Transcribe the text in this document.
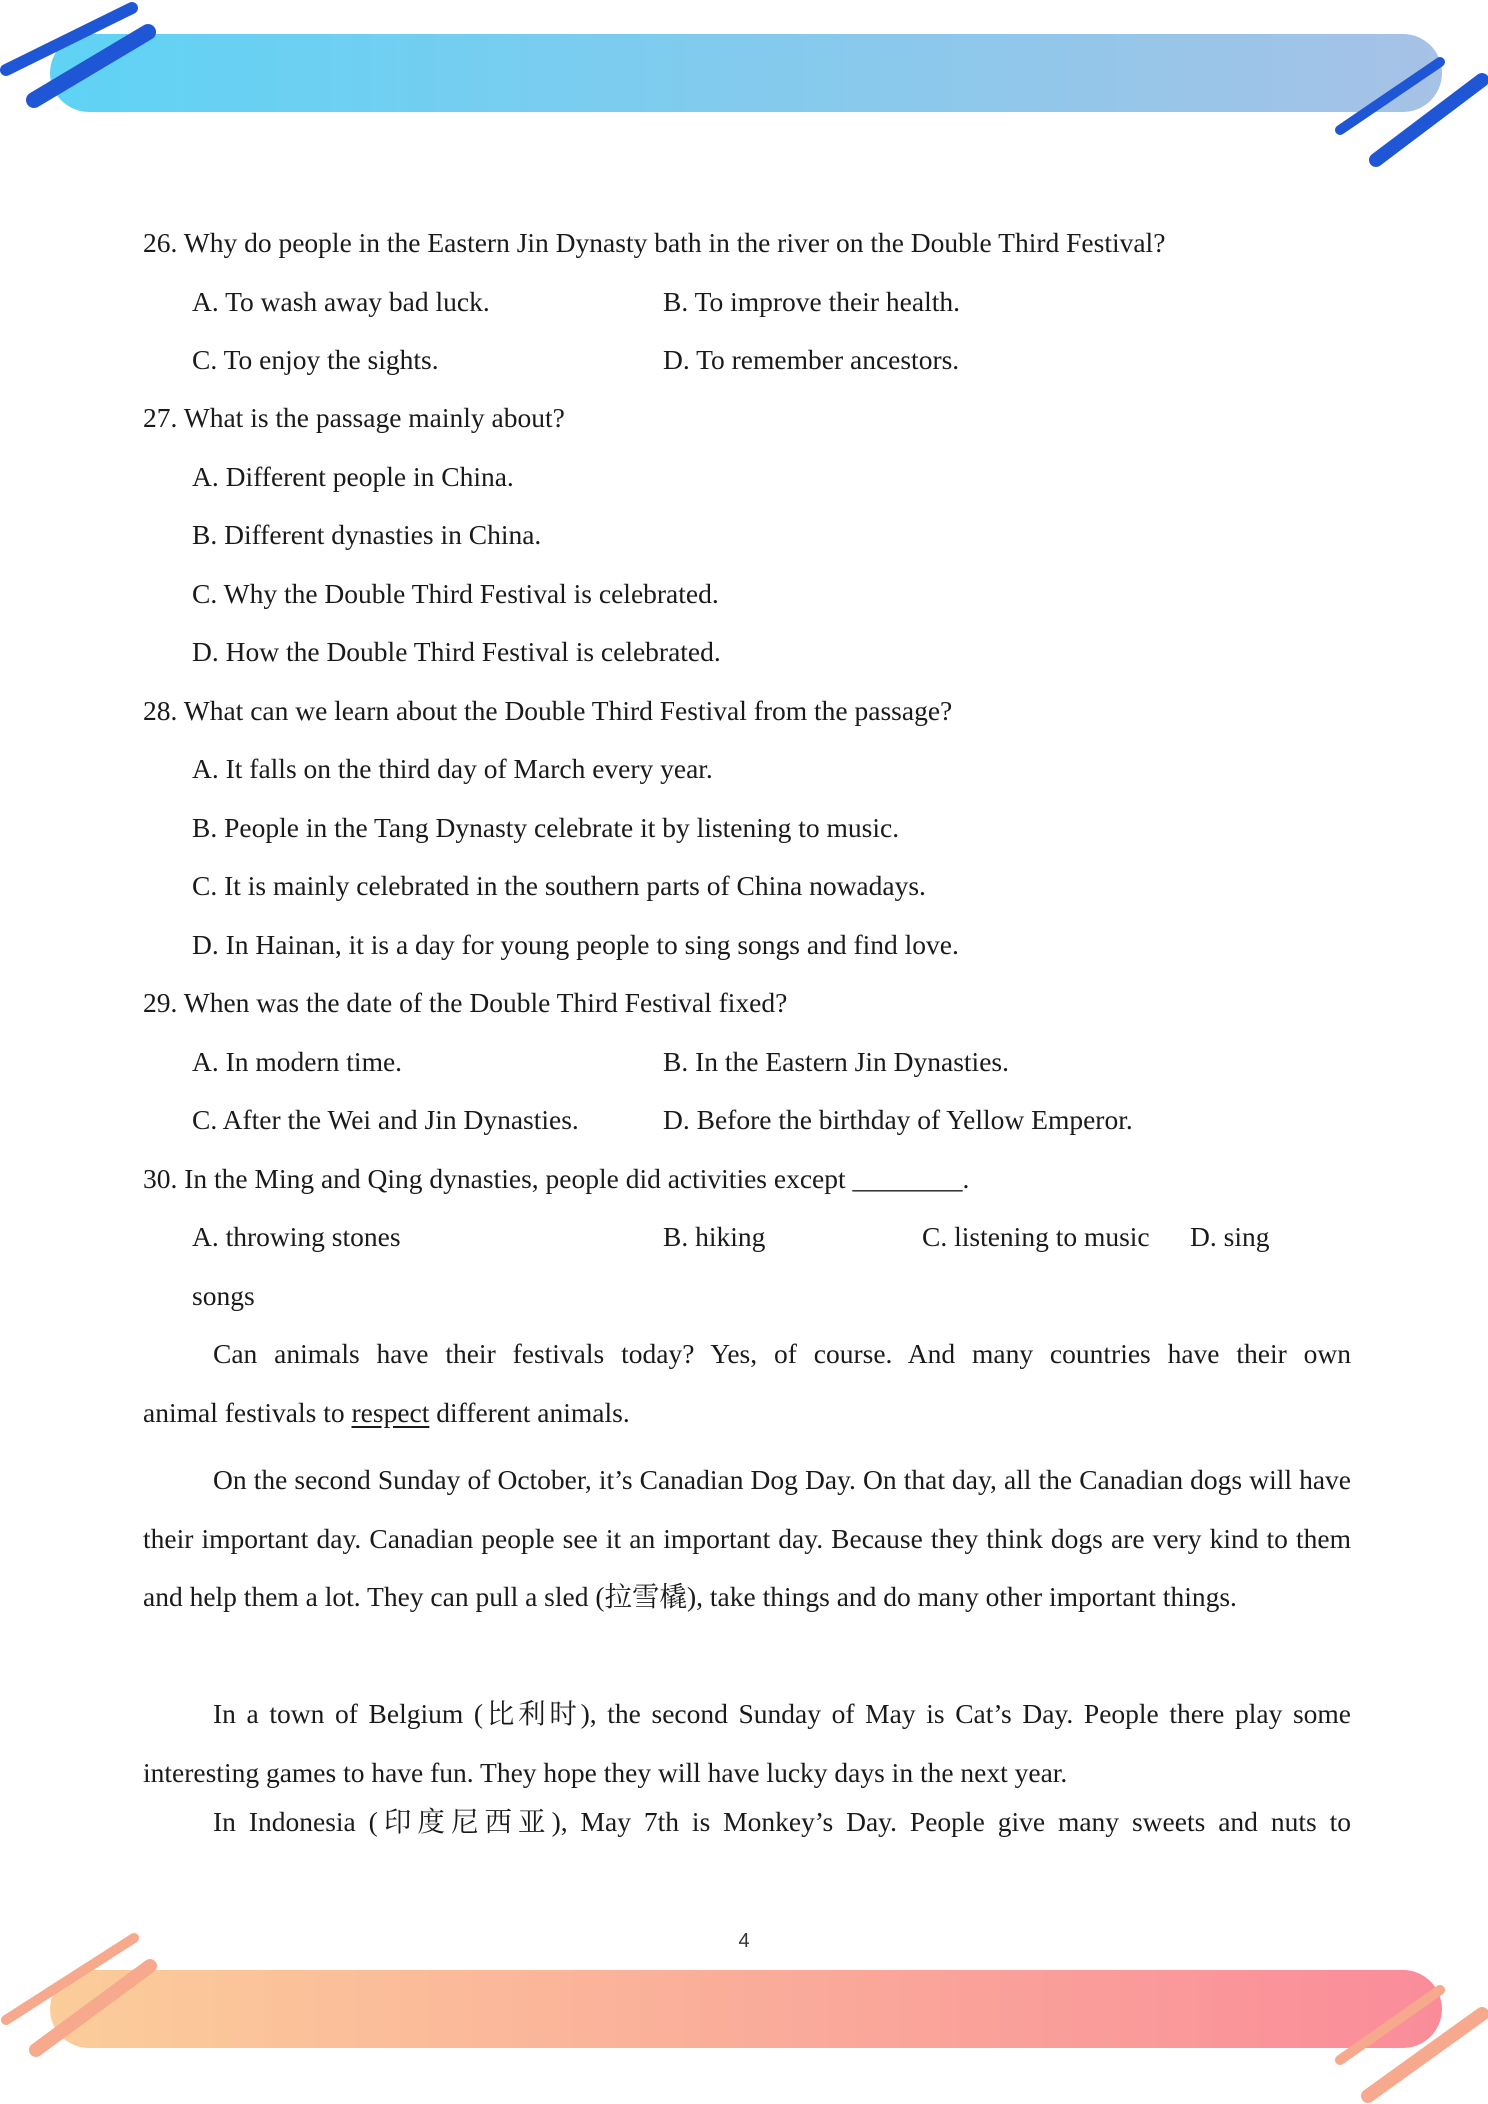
26. Why do people in the Eastern Jin Dynasty bath in the river on the Double Third Festival?
A. To wash away bad luck.	B. To improve their health.
C. To enjoy the sights.	D. To remember ancestors.
27. What is the passage mainly about?
A. Different people in China.
B. Different dynasties in China.
C. Why the Double Third Festival is celebrated.
D. How the Double Third Festival is celebrated.
28. What can we learn about the Double Third Festival from the passage?
A. It falls on the third day of March every year.
B. People in the Tang Dynasty celebrate it by listening to music.
C. It is mainly celebrated in the southern parts of China nowadays.
D. In Hainan, it is a day for young people to sing songs and find love.
29. When was the date of the Double Third Festival fixed?
A. In modern time.	B. In the Eastern Jin Dynasties.
C. After the Wei and Jin Dynasties.	D. Before the birthday of Yellow Emperor.
30. In the Ming and Qing dynasties, people did activities except ________.
A. throwing stones	B. hiking	C. listening to music D. sing
songs
Can animals have their festivals today? Yes, of course. And many countries have their own
animal festivals to respect different animals.
On the second Sunday of October, it’s Canadian Dog Day. On that day, all the Canadian dogs will have their important day. Canadian people see it an important day. Because they think dogs are very kind to them and help them a lot. They can pull a sled (拉雪橇), take things and do many other important things.
In a town of Belgium (比利时), the second Sunday of May is Cat’s Day. People there play some interesting games to have fun. They hope they will have lucky days in the next year.
In Indonesia (印度尼西亚), May 7th is Monkey’s Day. People give many sweets and nuts to
4
